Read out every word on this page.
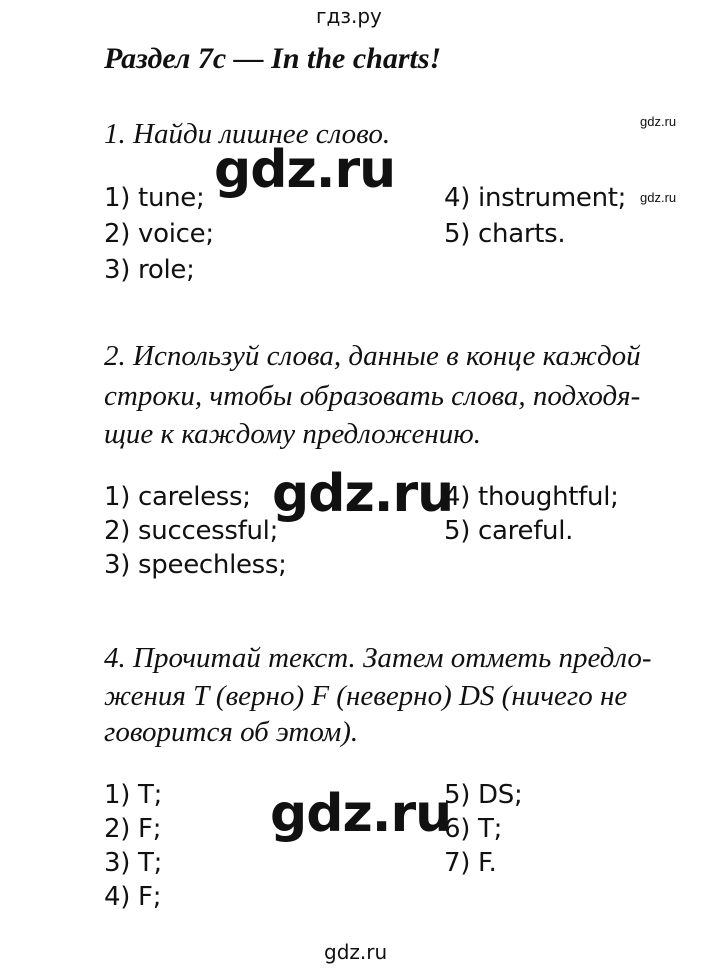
гдз.ру
Раздел 7с — In the charts!
1. Найди лишнее слово.	gdz.ru
gdz.ru
1) tune;
2) voice;
3) role;
4) instrument;
5) charts.
gdz.ru
2. Используй слова, данные в конце каждой
строки, чтобы образовать слова, подходя-
щие к каждому предложению.
gdz.ru
1) careless;
2) successful;
3) speechless;
4) thoughtful;
5) careful.
4. Прочитай текст. Затем отметь предло-
жения T (верно) F (неверно) DS (ничего не
говорится об этом).
gdz.ru
1) T;
2) F;
3) T;
4) F;
5) DS;
6) T;
7) F.
gdz.ru
